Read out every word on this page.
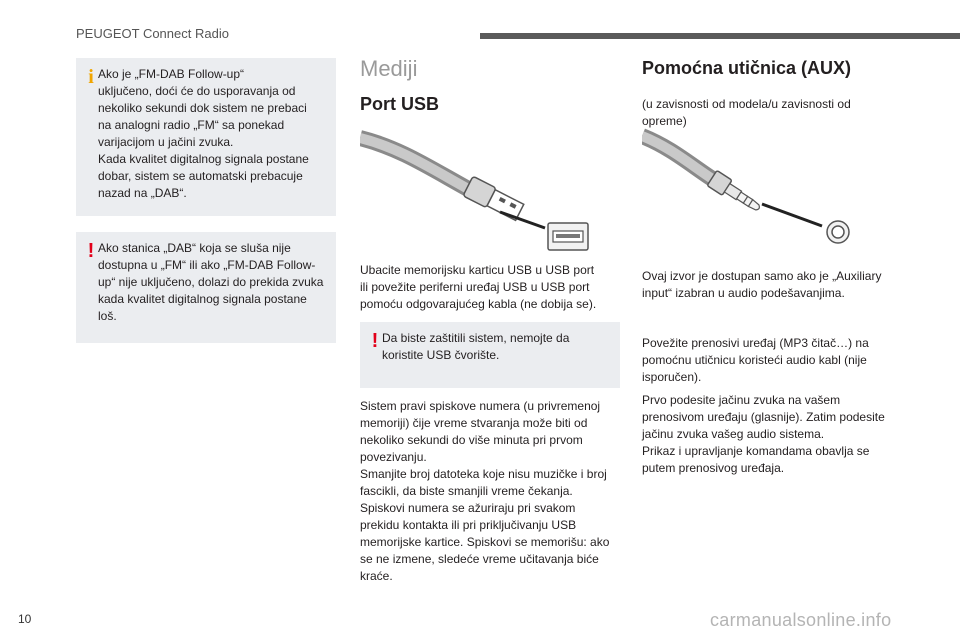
PEUGEOT Connect Radio
i Ako je „FM-DAB Follow-up“

uključeno, doći će do usporavanja od

nekoliko sekundi dok sistem ne prebaci

na analogni radio „FM“ sa ponekad

varijacijom u jačini zvuka.

Kada kvalitet digitalnog signala postane

dobar, sistem se automatski prebacuje

nazad na „DAB“.

! Ako stanica „DAB“ koja se sluša nije

dostupna u „FM“ ili ako „FM-DAB Follow-

up“ nije uključeno, dolazi do prekida zvuka

kada kvalitet digitalnog signala postane

loš.

Mediji
Port USB

Ubacite memorijsku karticu USB u USB port

ili povežite periferni uređaj USB u USB port

pomoću odgovarajućeg kabla (ne dobija se).

! Da biste zaštitili sistem, nemojte da

koristite USB čvorište.

Sistem pravi spiskove numera (u privremenoj

memoriji) čije vreme stvaranja može biti od

nekoliko sekundi do više minuta pri prvom

povezivanju.

Smanjite broj datoteka koje nisu muzičke i broj

fascikli, da biste smanjili vreme čekanja.

Spiskovi numera se ažuriraju pri svakom

prekidu kontakta ili pri priključivanju USB

memorijske kartice. Spiskovi se memorišu: ako

se ne izmene, sledeće vreme učitavanja biće

kraće.

Pomoćna utičnica (AUX)

(u zavisnosti od modela/u zavisnosti od

opreme)

Ovaj izvor je dostupan samo ako je „Auxiliary

input“ izabran u audio podešavanjima.

Povežite prenosivi uređaj (MP3 čitač…) na

pomoćnu utičnicu koristeći audio kabl (nije

isporučen).

Prvo podesite jačinu zvuka na vašem

prenosivom uređaju (glasnije). Zatim podesite

jačinu zvuka vašeg audio sistema.

Prikaz i upravljanje komandama obavlja se

putem prenosivog uređaja.

10	carmanualsonline.info
